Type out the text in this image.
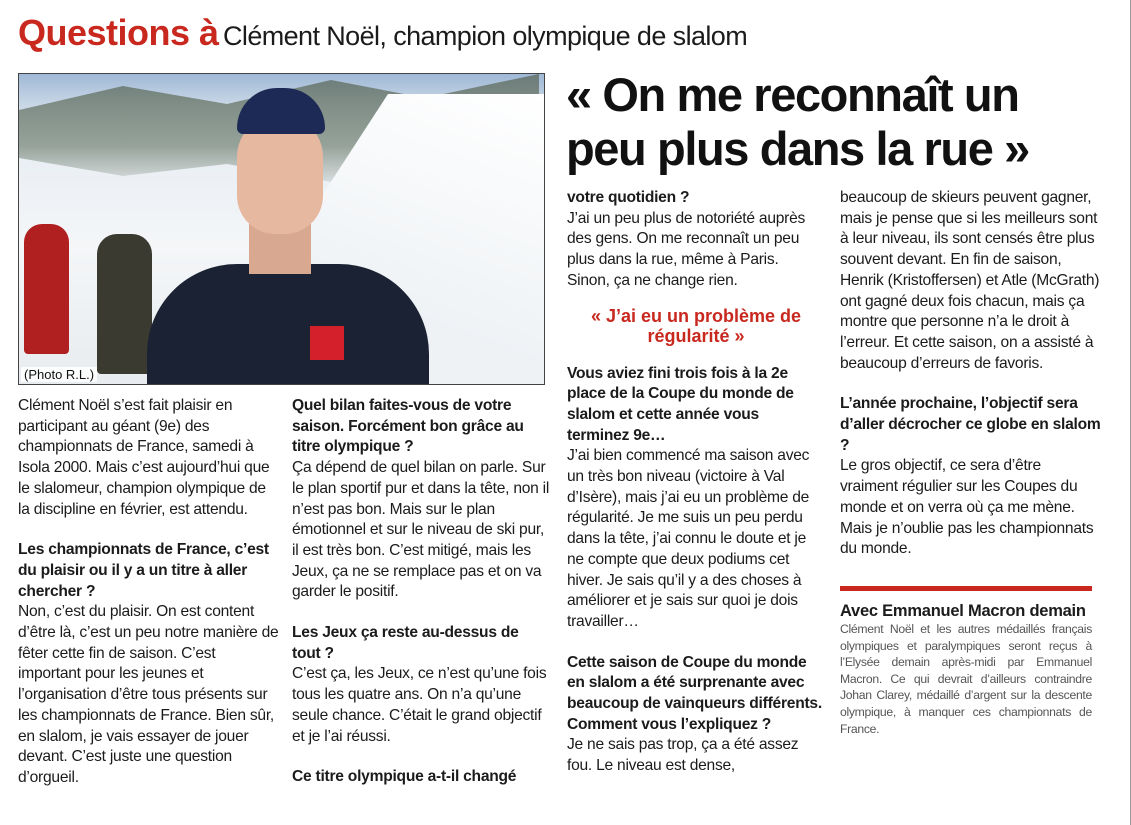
Questions à Clément Noël, champion olympique de slalom
(Photo R.L.)
« On me reconnaît un peu plus dans la rue »

Clément Noël s’est fait plaisir en participant au géant (9e) des championnats de France, samedi à Isola 2000. Mais c’est aujourd’hui que le slalomeur, champion olympique de la discipline en février, est attendu.

Les championnats de France, c’est du plaisir ou il y a un titre à aller chercher ?

Non, c’est du plaisir. On est content d’être là, c’est un peu notre manière de fêter cette fin de saison. C’est important pour les jeunes et l’organisation d’être tous présents sur les championnats de France. Bien sûr, en slalom, je vais essayer de jouer devant. C’est juste une question d’orgueil.

Quel bilan faites-vous de votre saison. Forcément bon grâce au titre olympique ?

Ça dépend de quel bilan on parle. Sur le plan sportif pur et dans la tête, non il n’est pas bon. Mais sur le plan émotionnel et sur le niveau de ski pur, il est très bon. C’est mitigé, mais les Jeux, ça ne se remplace pas et on va garder le positif.

Les Jeux ça reste au-dessus de tout ?

C’est ça, les Jeux, ce n’est qu’une fois tous les quatre ans. On n’a qu’une seule chance. C’était le grand objectif et je l’ai réussi.

Ce titre olympique a-t-il changé

votre quotidien ?

J’ai un peu plus de notoriété auprès des gens. On me reconnaît un peu plus dans la rue, même à Paris. Sinon, ça ne change rien.

« J’ai eu un problème de régularité »

Vous aviez fini trois fois à la 2e place de la Coupe du monde de slalom et cette année vous terminez 9e…

J’ai bien commencé ma saison avec un très bon niveau (victoire à Val d’Isère), mais j’ai eu un problème de régularité. Je me suis un peu perdu dans la tête, j’ai connu le doute et je ne compte que deux podiums cet hiver. Je sais qu’il y a des choses à améliorer et je sais sur quoi je dois travailler…

Cette saison de Coupe du monde en slalom a été surprenante avec beaucoup de vainqueurs différents. Comment vous l’expliquez ?

Je ne sais pas trop, ça a été assez fou. Le niveau est dense,

beaucoup de skieurs peuvent gagner, mais je pense que si les meilleurs sont à leur niveau, ils sont censés être plus souvent devant. En fin de saison, Henrik (Kristoffersen) et Atle (McGrath) ont gagné deux fois chacun, mais ça montre que personne n’a le droit à l’erreur. Et cette saison, on a assisté à beaucoup d’erreurs de favoris.

L’année prochaine, l’objectif sera d’aller décrocher ce globe en slalom ?

Le gros objectif, ce sera d’être vraiment régulier sur les Coupes du monde et on verra où ça me mène. Mais je n’oublie pas les championnats du monde.

Avec Emmanuel Macron demain
Clément Noël et les autres médaillés français olympiques et paralympiques seront reçus à l’Elysée demain après-midi par Emmanuel Macron. Ce qui devrait d’ailleurs contraindre Johan Clarey, médaillé d’argent sur la descente olympique, à manquer ces championnats de France.
